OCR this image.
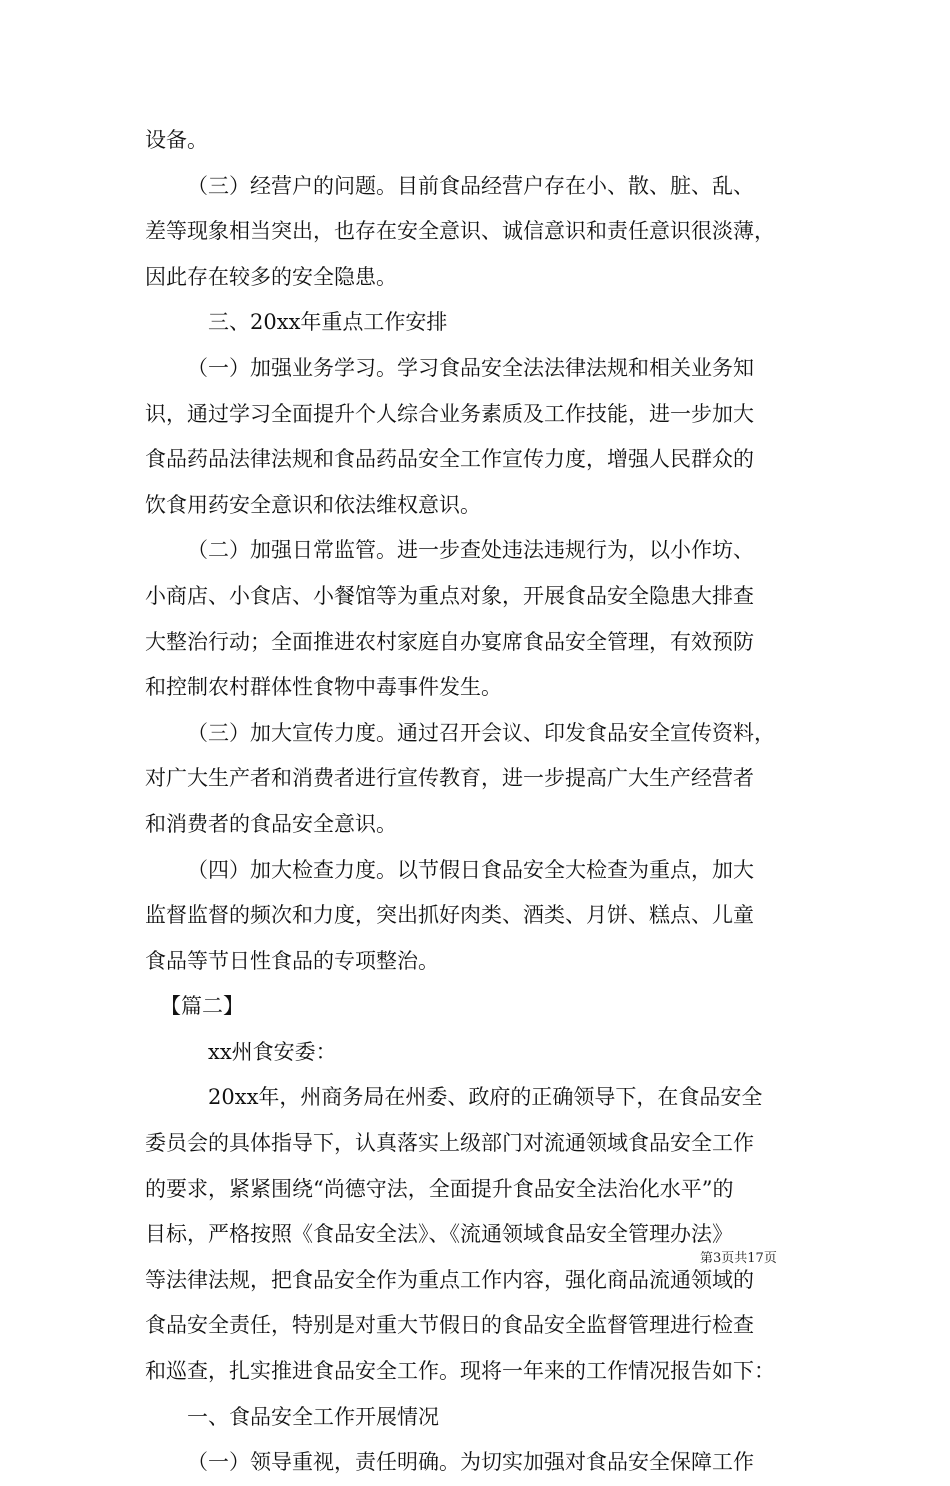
设备。
（三）经营户的问题。目前食品经营户存在小、散、脏、乱、
差等现象相当突出，也存在安全意识、诚信意识和责任意识很淡薄，
因此存在较多的安全隐患。
三、20xx年重点工作安排
（一）加强业务学习。学习食品安全法法律法规和相关业务知
识，通过学习全面提升个人综合业务素质及工作技能，进一步加大
食品药品法律法规和食品药品安全工作宣传力度，增强人民群众的
饮食用药安全意识和依法维权意识。
（二）加强日常监管。进一步查处违法违规行为，以小作坊、
小商店、小食店、小餐馆等为重点对象，开展食品安全隐患大排查
大整治行动；全面推进农村家庭自办宴席食品安全管理，有效预防
和控制农村群体性食物中毒事件发生。
（三）加大宣传力度。通过召开会议、印发食品安全宣传资料，
对广大生产者和消费者进行宣传教育，进一步提高广大生产经营者
和消费者的食品安全意识。
（四）加大检查力度。以节假日食品安全大检查为重点，加大
监督监督的频次和力度，突出抓好肉类、酒类、月饼、糕点、儿童
食品等节日性食品的专项整治。
【篇二】
xx州食安委：
20xx年，州商务局在州委、政府的正确领导下，在食品安全
委员会的具体指导下，认真落实上级部门对流通领域食品安全工作
的要求，紧紧围绕“尚德守法，全面提升食品安全法治化水平”的
目标，严格按照《食品安全法》、《流通领域食品安全管理办法》
等法律法规，把食品安全作为重点工作内容，强化商品流通领域的
食品安全责任，特别是对重大节假日的食品安全监督管理进行检查
和巡查，扎实推进食品安全工作。现将一年来的工作情况报告如下：
一、食品安全工作开展情况
（一）领导重视，责任明确。为切实加强对食品安全保障工作
第3页共17页
